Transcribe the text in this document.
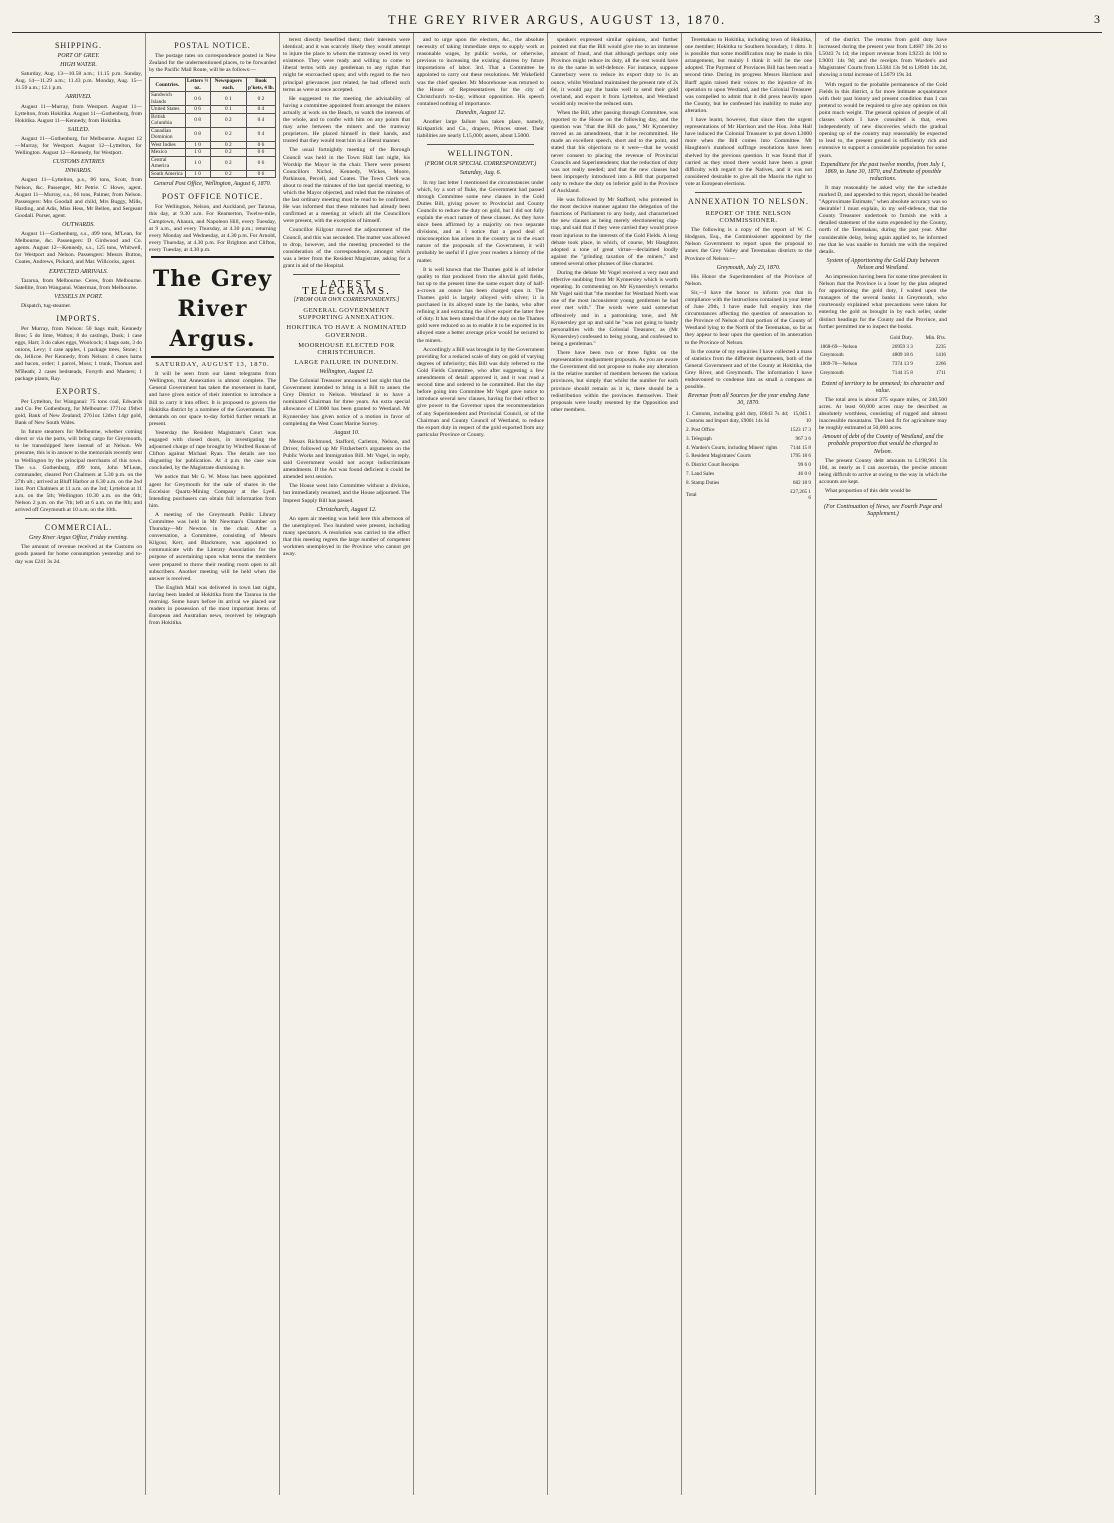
THE GREY RIVER ARGUS, AUGUST 13, 1870.	3
SHIPPING.
PORT OF GREY.
HIGH WATER.

Saturday, Aug. 13—10.58 a.m.; 11.15 p.m. Sunday, Aug. 14—11.29 a.m.; 11.43 p.m. Monday, Aug. 15—11.59 a.m.; 12.1 p.m.

ARRIVED.

August 11—Murray, from Westport. August 11—Lyttelton, from Hokitika. August 11—Gothenburg, from Hokitika. August 11—Kennedy, from Hokitika.

SAILED.

August 11—Gothenburg, for Melbourne. August 12—Murray, for Westport. August 12—Lyttelton, for Wellington. August 12—Kennedy, for Westport.

CUSTOMS ENTRIES
INWARDS.

August 11—Lyttelton, p.s., 86 tons, Scott, from Nelson, &c. Passenger, Mr Petrie. C Howe, agent. August 11—Murray, s.s., 66 tons, Palmer, from Nelson. Passengers: Mrs Goodall and child, Mrs Buggy, Mills, Harding, and Adis, Miss Hess, Mr Bellen, and Sergeant Goodall. Purser, agent.

OUTWARDS.

August 11—Gothenburg, s.s., 499 tons, M'Lean, for Melbourne, &c. Passengers: D Girdwood and Co. agents. August 12—Kennedy, s.s., 125 tons, Whitwell, for Westport and Nelson. Passengers: Messrs Button, Coates, Andrews, Pickard, and Mar. Willcocks, agent.

EXPECTED ARRIVALS.

Tararua, from Melbourne. Ceres, from Melbourne. Satellite, from Wanganui. Waterman, from Melbourne.

VESSELS IN PORT.

Dispatch, tug-steamer.

IMPORTS.

Per Murray, from Nelson: 50 bags malt, Kennedy Bros; 5 do lime, Walton; 8 do castings, Dusk; 1 case eggs, Hart; 3 do cakes eggs, Woolcock; 4 bags oats, 3 do onions, Levy; 1 case apples, 1 package trees, Stone; 1 do, Jellicoe. Per Kennedy, from Nelson: 4 cases hams and bacon, order; 1 parcel, Moss; 1 trunk, Thomas and M'Beath; 2 cases bedsteads, Forsyth and Masters; 1 package plants, Ray.

EXPORTS.

Per Lyttelton, for Wanganui: 75 tons coal, Edwards and Co. Per Gothenburg, for Melbourne: 1771oz 19dwt gold, Bank of New Zealand; 2761oz 12dwt 14gr gold, Bank of New South Wales.

In future steamers for Melbourne, whether coming direct or via the ports, will bring cargo for Greymouth, to be transshipped here instead of at Nelson. We presume, this is in answer to the memorials recently sent to Wellington by the principal merchants of this town. The s.s. Gothenburg, 499 tons, John M'Lean, commander, cleared Port Chalmers at 5.30 p.m. on the 27th ult.; arrived at Bluff Harbor at 6.30 a.m. on the 2nd inst. Port Chalmers at 11 a.m. on the 3rd; Lyttelton at 11 a.m. on the 5th; Wellington 10.30 a.m. on the 6th; Nelson 2 p.m. on the 7th; left at 6 a.m. on the 8th; and arrived off Greymouth at 10 a.m. on the 10th.

COMMERCIAL.
Grey River Argus Office, Friday evening.

The amount of revenue received at the Customs on goods passed for home consumption yesterday and to-day was £241 3s 2d.

POSTAL NOTICE.

The postage rates on correspondence posted in New Zealand for the undermentioned places, to be forwarded by the Pacific Mail Route, will be as follows:—

Countries.	Letters ½ oz.	Newspapers each.	Book p'kets, 4 lb.
Sandwich Islands	0 6	0 1	0 2
United States	0 6	0 1	0 4
British Columbia	0 8	0 2	0 4
Canadian Dominion	0 8	0 2	0 4
West Indies	1 0	0 2	0 6
Mexico	1 0	0 2	0 6
Central America	1 0	0 2	0 6
South America	1 0	0 2	0 6
General Post Office, Wellington, August 6, 1870.
POST OFFICE NOTICE.

For Wellington, Nelson, and Auckland, per Tararua, this day, at 9.30 a.m. For Reamerton, Twelve-mile, Camptown, Ahaura, and Napoleon Hill, every Tuesday, at 9 a.m., and every Thursday, at 4.30 p.m.; returning every Monday and Wednesday, at 4.30 p.m. For Arnold, every Thursday, at 4.30 p.m. For Brighton and Clifton, every Tuesday, at 4.30 p.m.

The Grey River Argus.
SATURDAY, AUGUST 13, 1870.

It will be seen from our latest telegrams from Wellington, that Annexation is almost complete. The General Government has taken the movement in hand, and have given notice of their intention to introduce a Bill to carry it into effect. It is proposed to govern the Hokitika district by a nominee of the Government. The demands on our space to-day forbid further remark at present.

Yesterday the Resident Magistrate's Court was engaged with closed doors, in investigating the adjourned charge of rape brought by Winifred Ronan of Clifton against Michael Ryan. The details are too disgusting for publication. At 4 p.m. the case was concluded, by the Magistrate dismissing it.

We notice that Mr G. W. Moss has been appointed agent for Greymouth for the sale of shares in the Excelsior Quartz-Mining Company at the Lyell. Intending purchasers can obtain full information from him.

A meeting of the Greymouth Public Library Committee was held in Mr Newman's Chamber on Thursday—Mr Newton in the chair. After a conversation, a Committee, consisting of Messrs Kilgour, Kerr, and Blackmore, was appointed to communicate with the Literary Association for the purpose of ascertaining upon what terms the members were prepared to throw their reading room open to all subscribers. Another meeting will be held when the answer is received.

The English Mail was delivered in town last night, having been landed at Hokitika from the Tararua in the morning. Some hours before its arrival we placed our readers in possession of the most important items of European and Australian news, received by telegraph from Hokitika.

terest directly benefited them; their interests were identical; and it was scarcely likely they would attempt to injure the place to whom the tramway owed its very existence. They were ready and willing to come to liberal terms with any gentleman to any rights that might be encroached upon; and with regard to the two principal grievances just related, he had offered such terms as were at once accepted.

He suggested to the meeting the advisability of having a committee appointed from amongst the miners actually at work on the Beach, to watch the interests of the whole, and to confer with him on any points that may arise between the miners and the tramway proprietors. He placed himself in their hands, and trusted that they would treat him in a liberal manner.

The usual fortnightly meeting of the Borough Council was held in the Town Hall last night, his Worship the Mayor in the chair. There were present Councillors Nichol, Kennedy, Wickes, Moore, Parkinson, Percell, and Coates. The Town Clerk was about to read the minutes of the last special meeting, to which the Mayor objected, and ruled that the minutes of the last ordinary meeting must be read to be confirmed. He was informed that these minutes had already been confirmed at a meeting at which all the Councillors were present, with the exception of himself.

Councillor Kilgour moved the adjournment of the Council, and this was seconded. The matter was allowed to drop, however, and the meeting proceeded to the consideration of the correspondence, amongst which was a letter from the Resident Magistrate, asking for a grant in aid of the Hospital.

LATEST TELEGRAMS.
[FROM OUR OWN CORRESPONDENTS.]
GENERAL GOVERNMENT SUPPORTING ANNEXATION.
HOKITIKA TO HAVE A NOMINATED GOVERNOR.
MOORHOUSE ELECTED FOR CHRISTCHURCH.
LARGE FAILURE IN DUNEDIN.
Wellington, August 12.

The Colonial Treasurer announced last night that the Government intended to bring in a Bill to annex the Grey District to Nelson. Westland is to have a nominated Chairman for three years. An extra special allowance of L3000 has been granted to Westland. Mr Kynnersley has given notice of a motion in favor of completing the West Coast Marine Survey.

August 10.

Messrs Richmond, Stafford, Carleton, Nelson, and Driver, followed up Mr Fitzherbert's arguments on the Public Works and Immigration Bill. Mr Vogel, in reply, said Government would not accept indiscriminate amendments. If the Act was found deficient it could be amended next session.

The House went into Committee without a division, but immediately resumed, and the House adjourned. The Imprest Supply Bill has passed.

Christchurch, August 12.

An open air meeting was held here this afternoon of the unemployed. Two hundred were present, including many spectators. A resolution was carried to the effect that this meeting regrets the large number of competent workmen unemployed in the Province who cannot get away.

and to urge upon the electors, &c., the absolute necessity of taking immediate steps to supply work at reasonable wages, by public works, or otherwise, previous to increasing the existing distress by future importations of labor. 3rd. That a Committee be appointed to carry out these resolutions. Mr Wakefield was the chief speaker. Mr Moorehouse was returned to the House of Representatives for the city of Christchurch to-day, without opposition. His speech contained nothing of importance.

Dunedin, August 12.

Another large failure has taken place, namely, Kirkpatrick and Co., drapers, Princes street. Their liabilities are nearly L15,000; assets, about L5000.

WELLINGTON.
(FROM OUR SPECIAL CORRESPONDENT.)
Saturday, Aug. 6.

In my last letter I mentioned the circumstances under which, by a sort of fluke, the Government had passed through Committee some new clauses in the Gold Duties Bill, giving power to Provincial and County Councils to reduce the duty on gold, but I did not fully explain the exact nature of these clauses. As they have since been affirmed by a majority on two separate divisions, and as I notice that a good deal of misconception has arisen in the country as to the exact nature of the proposals of the Government, it will probably be useful if I give your readers a history of the matter.

It is well known that the Thames gold is of inferior quality to that produced from the alluvial gold fields, but up to the present time the same export duty of half-a-crown an ounce has been charged upon it. The Thames gold is largely alloyed with silver; it is purchased in its alloyed state by the banks, who after refining it and extracting the silver export the latter free of duty. It has been stated that if the duty on the Thames gold were reduced so as to enable it to be exported in its alloyed state a better average price would be secured to the miners.

Accordingly a Bill was brought in by the Government providing for a reduced scale of duty on gold of varying degrees of inferiority; this Bill was duly referred to the Gold Fields Committee, who after suggesting a few amendments of detail approved it, and it was read a second time and ordered to be committed. But the day before going into Committee Mr Vogel gave notice to introduce several new clauses, having for their effect to give power to the Governor upon the recommendation of any Superintendent and Provincial Council, or of the Chairman and County Council of Westland, to reduce the export duty in respect of the gold exported from any particular Province or County.

speakers expressed similar opinions, and further pointed out that the Bill would give rise to an immense amount of fraud, and that although perhaps only one Province might reduce its duty, all the rest would have to do the same in self-defence. For instance, suppose Canterbury were to reduce its export duty to 1s an ounce, whilst Westland maintained the present rate of 2s 6d, it would pay the banks well to send their gold overland, and export it from Lyttelton, and Westland would only receive the reduced sum.

When the Bill, after passing through Committee, was reported to the House on the following day, and the question was "that the Bill do pass," Mr Kynnersley moved as an amendment, that it be recommitted. He made an excellent speech, short and to the point, and stated that his objections to it were—that he would never consent to placing the revenue of Provincial Councils and Superintendents; that the reduction of duty was not really needed; and that the new clauses had been improperly introduced into a Bill that purported only to reduce the duty on inferior gold in the Province of Auckland.

He was followed by Mr Stafford, who protested in the most decisive manner against the delegation of the functions of Parliament to any body, and characterised the new clauses as being merely electioneering clap-trap, and said that if they were carried they would prove most injurious to the interests of the Gold Fields. A long debate took place, in which, of course, Mr Haughton adopted a tone of great virtue—declaimed loudly against the "grinding taxation of the miners," and uttered several other phrases of like character.

During the debate Mr Vogel received a very neat and effective snubbing from Mr Kynnersley which is worth repeating. In commenting on Mr Kynnersley's remarks Mr Vogel said that "the member for Westland North was one of the most inconsistent young gentlemen he had ever met with." The words were said somewhat offensively and in a patronising tone, and Mr Kynnersley got up and said he "was not going to bandy personalities with the Colonial Treasurer, as (Mr Kynnersley) confessed to being young, and confessed to being a gentleman."

There have been two or three fights on the representation readjustment proposals. As you are aware the Government did not propose to make any alteration in the relative number of members between the various provinces, but simply that whilst the number for each province should remain as it is, there should be a redistribution within the provinces themselves. Their proposals were loudly resented by the Opposition and other members.

Teremakau to Hokitika, including town of Hokitika, one member; Hokitika to Southern boundary, 1 ditto. It is possible that some modification may be made in this arrangement, but mainly I think it will be the one adopted. The Payment of Provinces Bill has been read a second time. During its progress Messrs Harrison and Barff again raised their voices to the injustice of its operation to upon Westland, and the Colonial Treasurer was compelled to admit that it did press heavily upon the County, but he confessed his inability to make any alteration.

I have learnt, however, that since then the urgent representations of Mr Harrison and the Hon. John Hall have induced the Colonial Treasurer to put down L3000 more when the Bill comes into Committee. Mr Haughton's manhood suffrage resolutions have been shelved by the previous question. It was found that if carried as they stood there would have been a great difficulty with regard to the Natives, and it was not considered desirable to give all the Maoris the right to vote at European elections.

ANNEXATION TO NELSON.
REPORT OF THE NELSON COMMISSIONER.

The following is a copy of the report of W. C. Hodgson, Esq., the Commissioner appointed by the Nelson Government to report upon the proposal to annex the Grey Valley and Teremakau districts to the Province of Nelson:—

Greymouth, July 23, 1870.

His Honor the Superintendent of the Province of Nelson.

Sir,—I have the honor to inform you that in compliance with the instructions contained in your letter of June 29th, I have made full enquiry into the circumstances affecting the question of annexation to the Province of Nelson of that portion of the County of Westland lying to the North of the Teremakau, so far as they appear to bear upon the question of its annexation to the Province of Nelson.

In the course of my enquiries I have collected a mass of statistics from the different departments, both of the General Government and of the County at Hokitika, the Grey River, and Greymouth. The information I have endeavoured to condense into as small a compass as possible.

Revenue from all Sources for the year ending June 30, 1870.
1. Customs, including gold duty, £6043 7s 4d; Customs and Import duty, £9001 14s 3d	15,045 1 10
2. Post Office	1523 17 3
3. Telegraph	967 3 6
4. Warden's Courts, including Miners' rights	7144 15 8
5. Resident Magistrates' Courts	1795 18 6
6. District Court Receipts	99 6 0
7. Land Sales	46 0 0
8. Stamp Duties	682 18 9
Total	£27,265 1 6

of the district. The returns from gold duty have increased during the present year from L4687 18s 2d to L5043 7s 1d; the import revenue from L9233 4s 10d to L9001 14s 9d; and the receipts from Warden's and Magistrates' Courts from L5384 13s 9d to L8940 14s 2d, showing a total increase of L5679 19s 3d.

With regard to the probable permanence of the Gold Fields in this district, a far more intimate acquaintance with their past history and present condition than I can pretend to would be required to give any opinion on this point much weight. The general opinion of people of all classes whom I have consulted is that, even independently of new discoveries which the gradual opening up of the country may reasonably be expected to lead to, the present ground is sufficiently rich and extensive to support a considerable population for some years.

Expenditure for the past twelve months, from July 1, 1869, to June 30, 1870, and Estimate of possible reductions.

It may reasonably be asked why the the schedule marked D, and appended to this report, should be headed "Approximate Estimate," when absolute accuracy was so desirable! I must explain, in my self-defence, that the County Treasurer undertook to furnish me with a detailed statement of the sums expended by the County, north of the Teremakau, during the past year. After considerable delay, being again applied to, he informed me that he was unable to furnish me with the required details.

System of Apportioning the Gold Duty between Nelson and Westland.

An impression having been for some time prevalent in Nelson that the Province is a loser by the plan adopted for apportioning the gold duty, I waited upon the managers of the several banks in Greymouth, who courteously explained what precautions were taken for entering the gold as brought in by each seller, under distinct headings for the County and the Province, and further permitted me to inspect the books.

	Gold Duty.	Min. R'ts.
1868-69—Nelson	26959 3 3	2235
Greymouth	4809 18 6	1416
1869-70—Nelson	7374 13 9	2266
Greymouth	7144 15 8	1711
Extent of territory to be annexed; its character and value.

The total area is about 375 square miles, or 240,500 acres. At least 60,000 acres may be described as absolutely worthless, consisting of rugged and almost inaccessible mountains. The land fit for agriculture may be roughly estimated at 50,000 acres.

Amount of debt of the County of Westland, and the probable proportion that would be charged to Nelson.

The present County debt amounts to L198,961 13s 10d, as nearly as I can ascertain, the precise amount being difficult to arrive at owing to the way in which the accounts are kept.

What proportion of this debt would be

(For Continuation of News, see Fourth Page and Supplement.)
